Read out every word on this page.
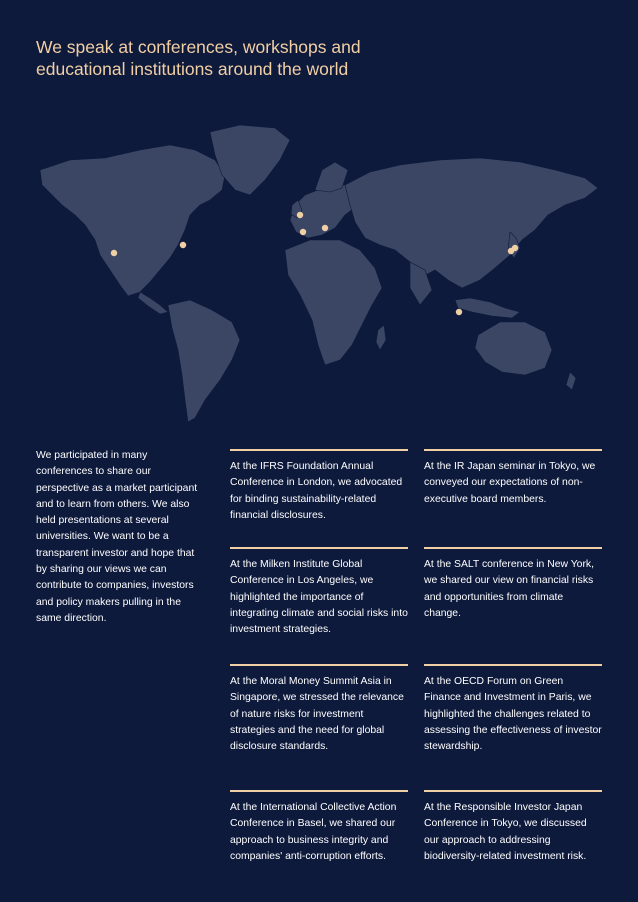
We speak at conferences, workshops and educational institutions around the world

We participated in many conferences to share our perspective as a market participant and to learn from others. We also held presentations at several universities. We want to be a transparent investor and hope that by sharing our views we can contribute to companies, investors and policy makers pulling in the same direction.

At the IFRS Foundation Annual Conference in London, we advocated for binding sustainability-related financial disclosures.

At the IR Japan seminar in Tokyo, we conveyed our expectations of non-executive board members.

At the Milken Institute Global Conference in Los Angeles, we highlighted the importance of integrating climate and social risks into investment strategies.

At the SALT conference in New York, we shared our view on financial risks and opportunities from climate change.

At the Moral Money Summit Asia in Singapore, we stressed the relevance of nature risks for investment strategies and the need for global disclosure standards.

At the OECD Forum on Green Finance and Investment in Paris, we highlighted the challenges related to assessing the effectiveness of investor stewardship.

At the International Collective Action Conference in Basel, we shared our approach to business integrity and companies' anti-corruption efforts.

At the Responsible Investor Japan Conference in Tokyo, we discussed our approach to addressing biodiversity-related investment risk.
